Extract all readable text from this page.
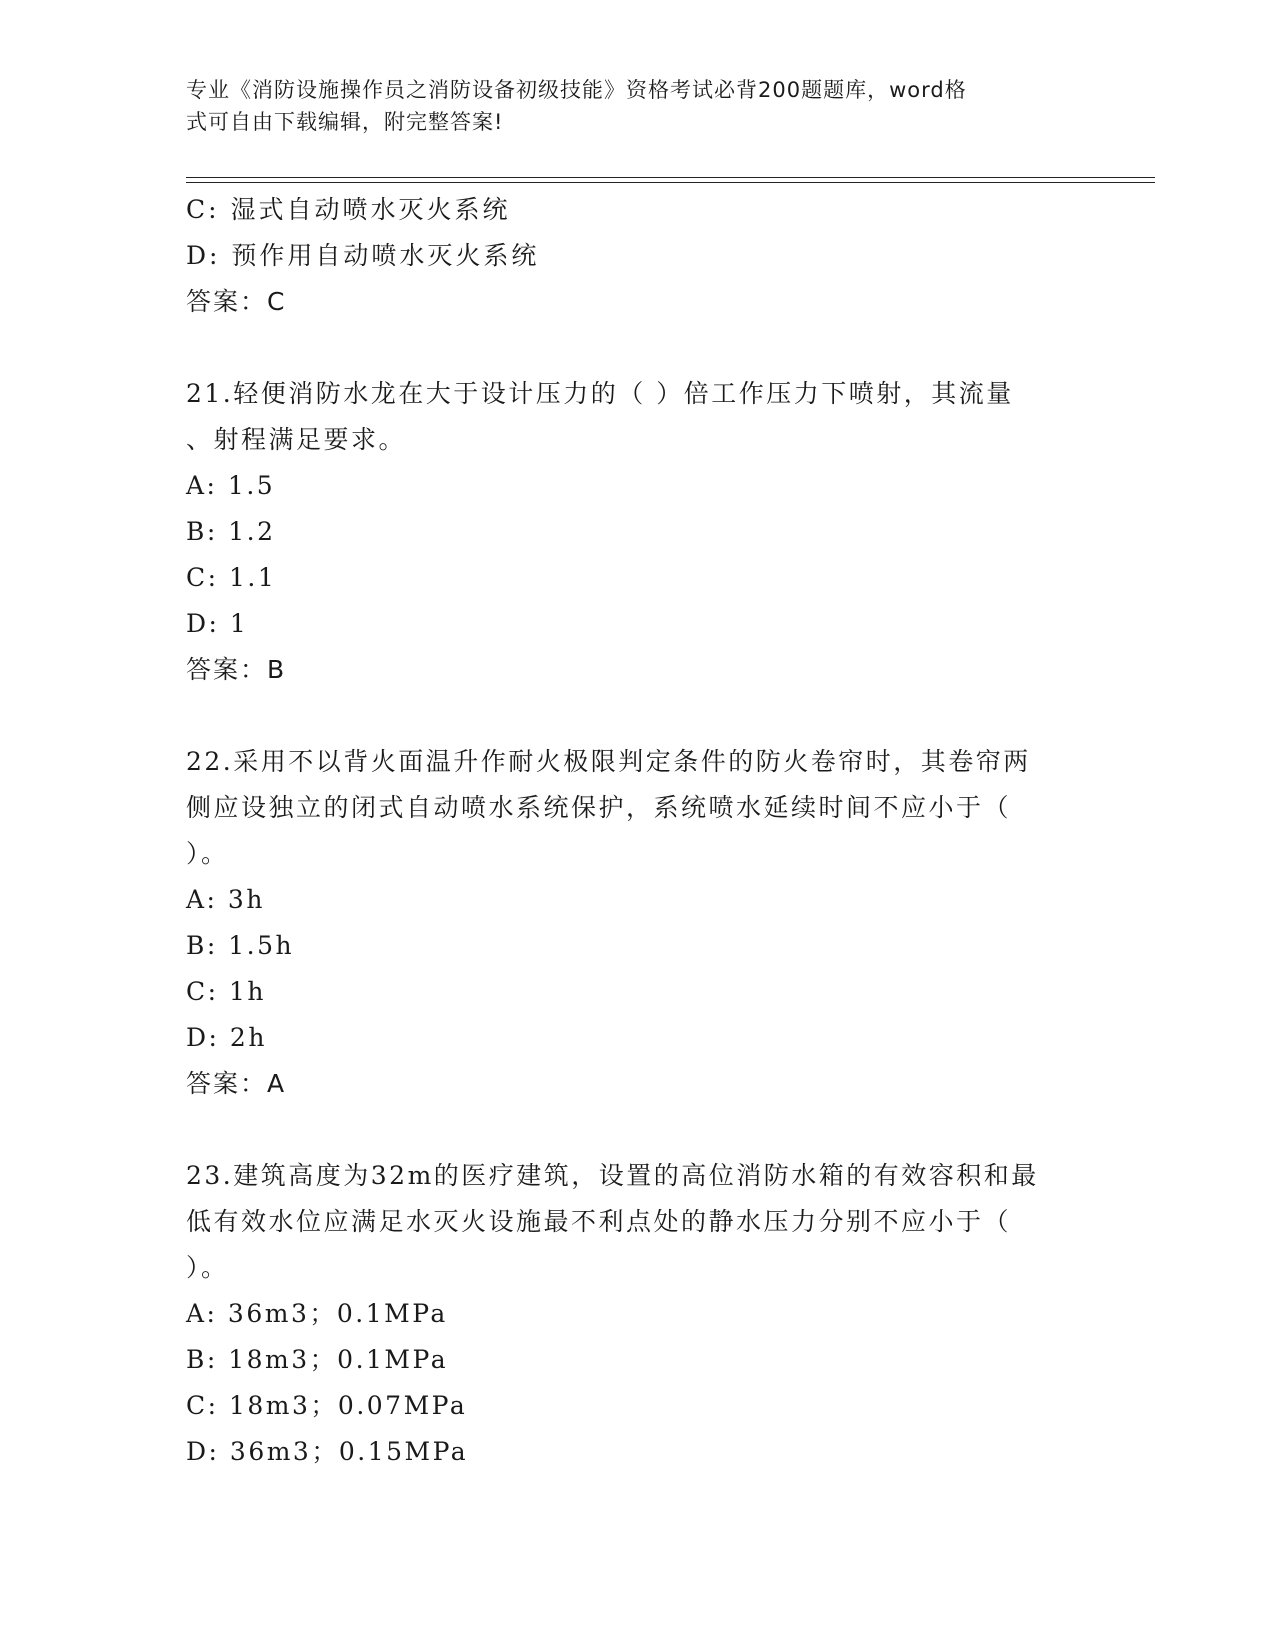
专业《消防设施操作员之消防设备初级技能》资格考试必背200题题库，word格
式可自由下载编辑，附完整答案!
C: 湿式自动喷水灭火系统
D: 预作用自动喷水灭火系统
答案：C
21.轻便消防水龙在大于设计压力的（ ）倍工作压力下喷射，其流量
、射程满足要求。
A: 1.5
B: 1.2
C: 1.1
D: 1
答案：B
22.采用不以背火面温升作耐火极限判定条件的防火卷帘时，其卷帘两
侧应设独立的闭式自动喷水系统保护，系统喷水延续时间不应小于（
）。
A: 3h
B: 1.5h
C: 1h
D: 2h
答案：A
23.建筑高度为32m的医疗建筑，设置的高位消防水箱的有效容积和最
低有效水位应满足水灭火设施最不利点处的静水压力分别不应小于（
）。
A: 36m3；0.1MPa
B: 18m3；0.1MPa
C: 18m3；0.07MPa
D: 36m3；0.15MPa
